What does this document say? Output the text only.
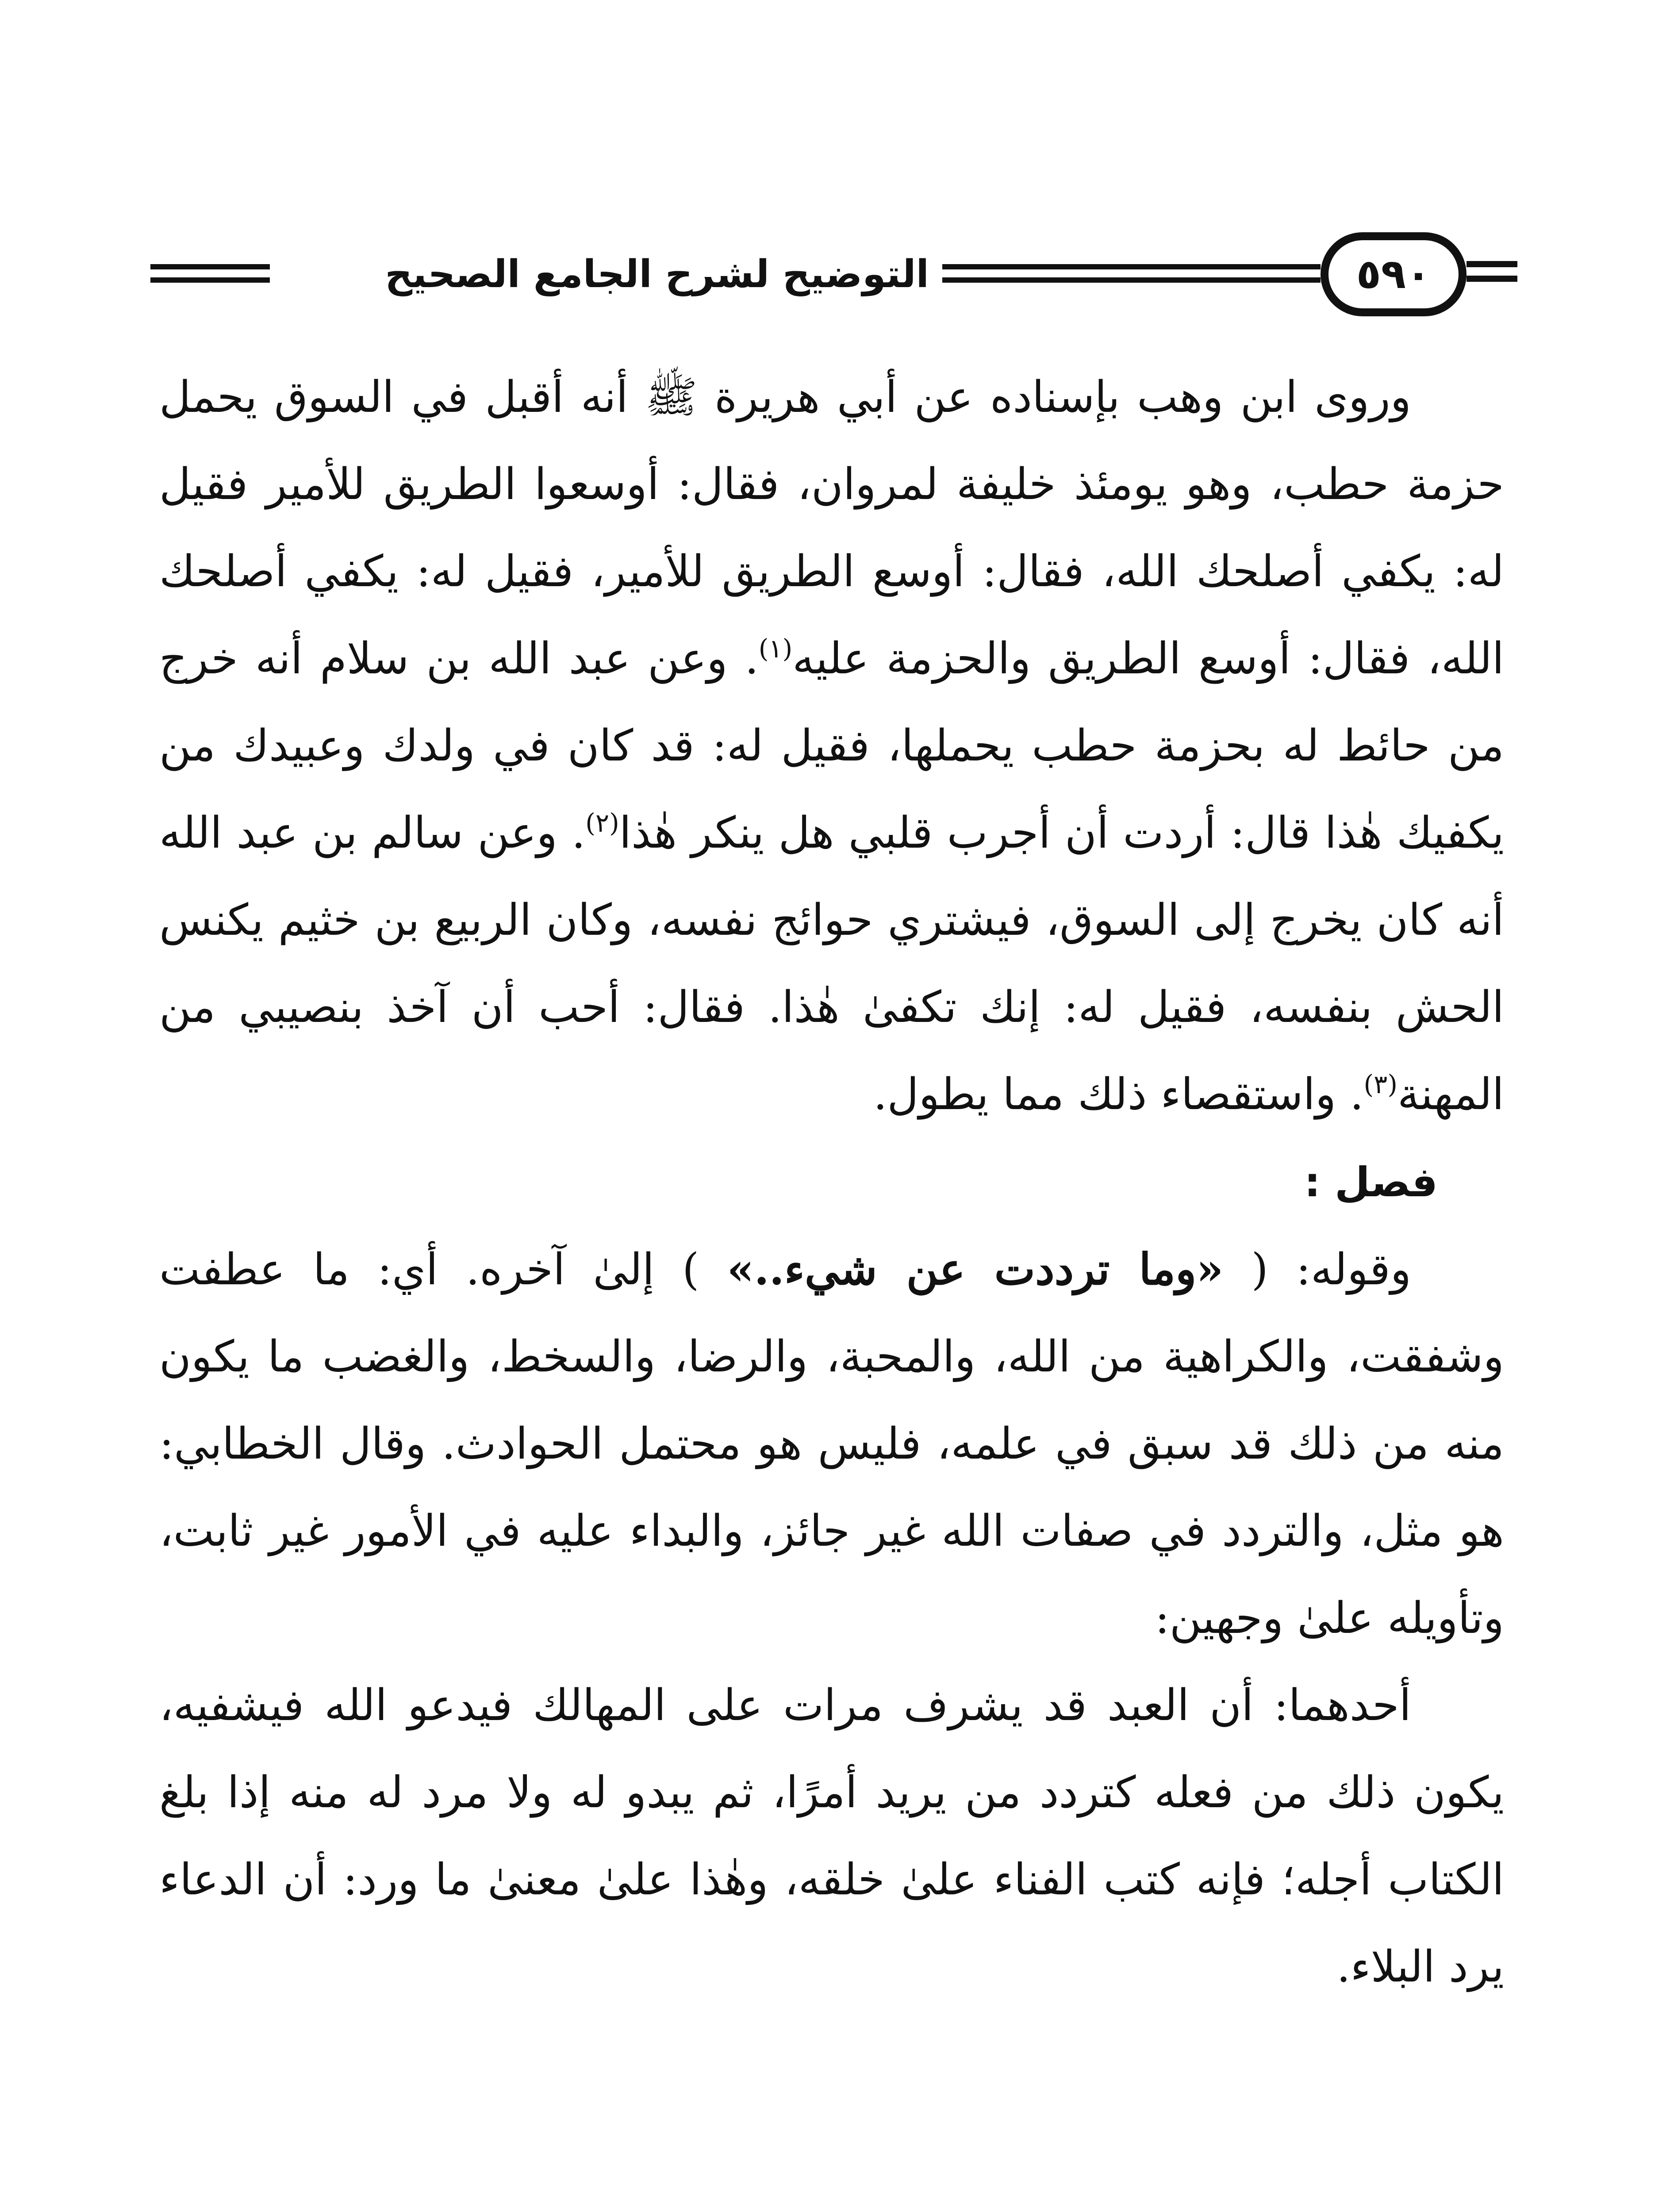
التوضيح لشرح الجامع الصحيح	٥٩٠

وروى ابن وهب بإسناده عن أبي هريرة ﷺ أنه أقبل في السوق يحمل حزمة حطب، وهو يومئذ خليفة لمروان، فقال: أوسعوا الطريق للأمير فقيل له: يكفي أصلحك الله، فقال: أوسع الطريق للأمير، فقيل له: يكفي أصلحك الله، فقال: أوسع الطريق والحزمة عليه$^{(١)}$. وعن عبد الله بن سلام أنه خرج من حائط له بحزمة حطب يحملها، فقيل له: قد كان في ولدك وعبيدك من يكفيك هٰذا قال: أردت أن أجرب قلبي هل ينكر هٰذا$^{(٢)}$. وعن سالم بن عبد الله أنه كان يخرج إلى السوق، فيشتري حوائج نفسه، وكان الربيع بن خثيم يكنس الحش بنفسه، فقيل له: إنك تكفىٰ هٰذا. فقال: أحب أن آخذ بنصيبي من المهنة$^{(٣)}$. واستقصاء ذلك مما يطول.

فصل :

وقوله: ( «وما ترددت عن شيء..» ) إلىٰ آخره. أي: ما عطفت وشفقت، والكراهية من الله، والمحبة، والرضا، والسخط، والغضب ما يكون منه من ذلك قد سبق في علمه، فليس هو محتمل الحوادث. وقال الخطابي: هو مثل، والتردد في صفات الله غير جائز، والبداء عليه في الأمور غير ثابت، وتأويله علىٰ وجهين:

أحدهما: أن العبد قد يشرف مرات على المهالك فيدعو الله فيشفيه، يكون ذلك من فعله كتردد من يريد أمرًا، ثم يبدو له ولا مرد له منه إذا بلغ الكتاب أجله؛ فإنه كتب الفناء علىٰ خلقه، وهٰذا علىٰ معنىٰ ما ورد: أن الدعاء يرد البلاء.
